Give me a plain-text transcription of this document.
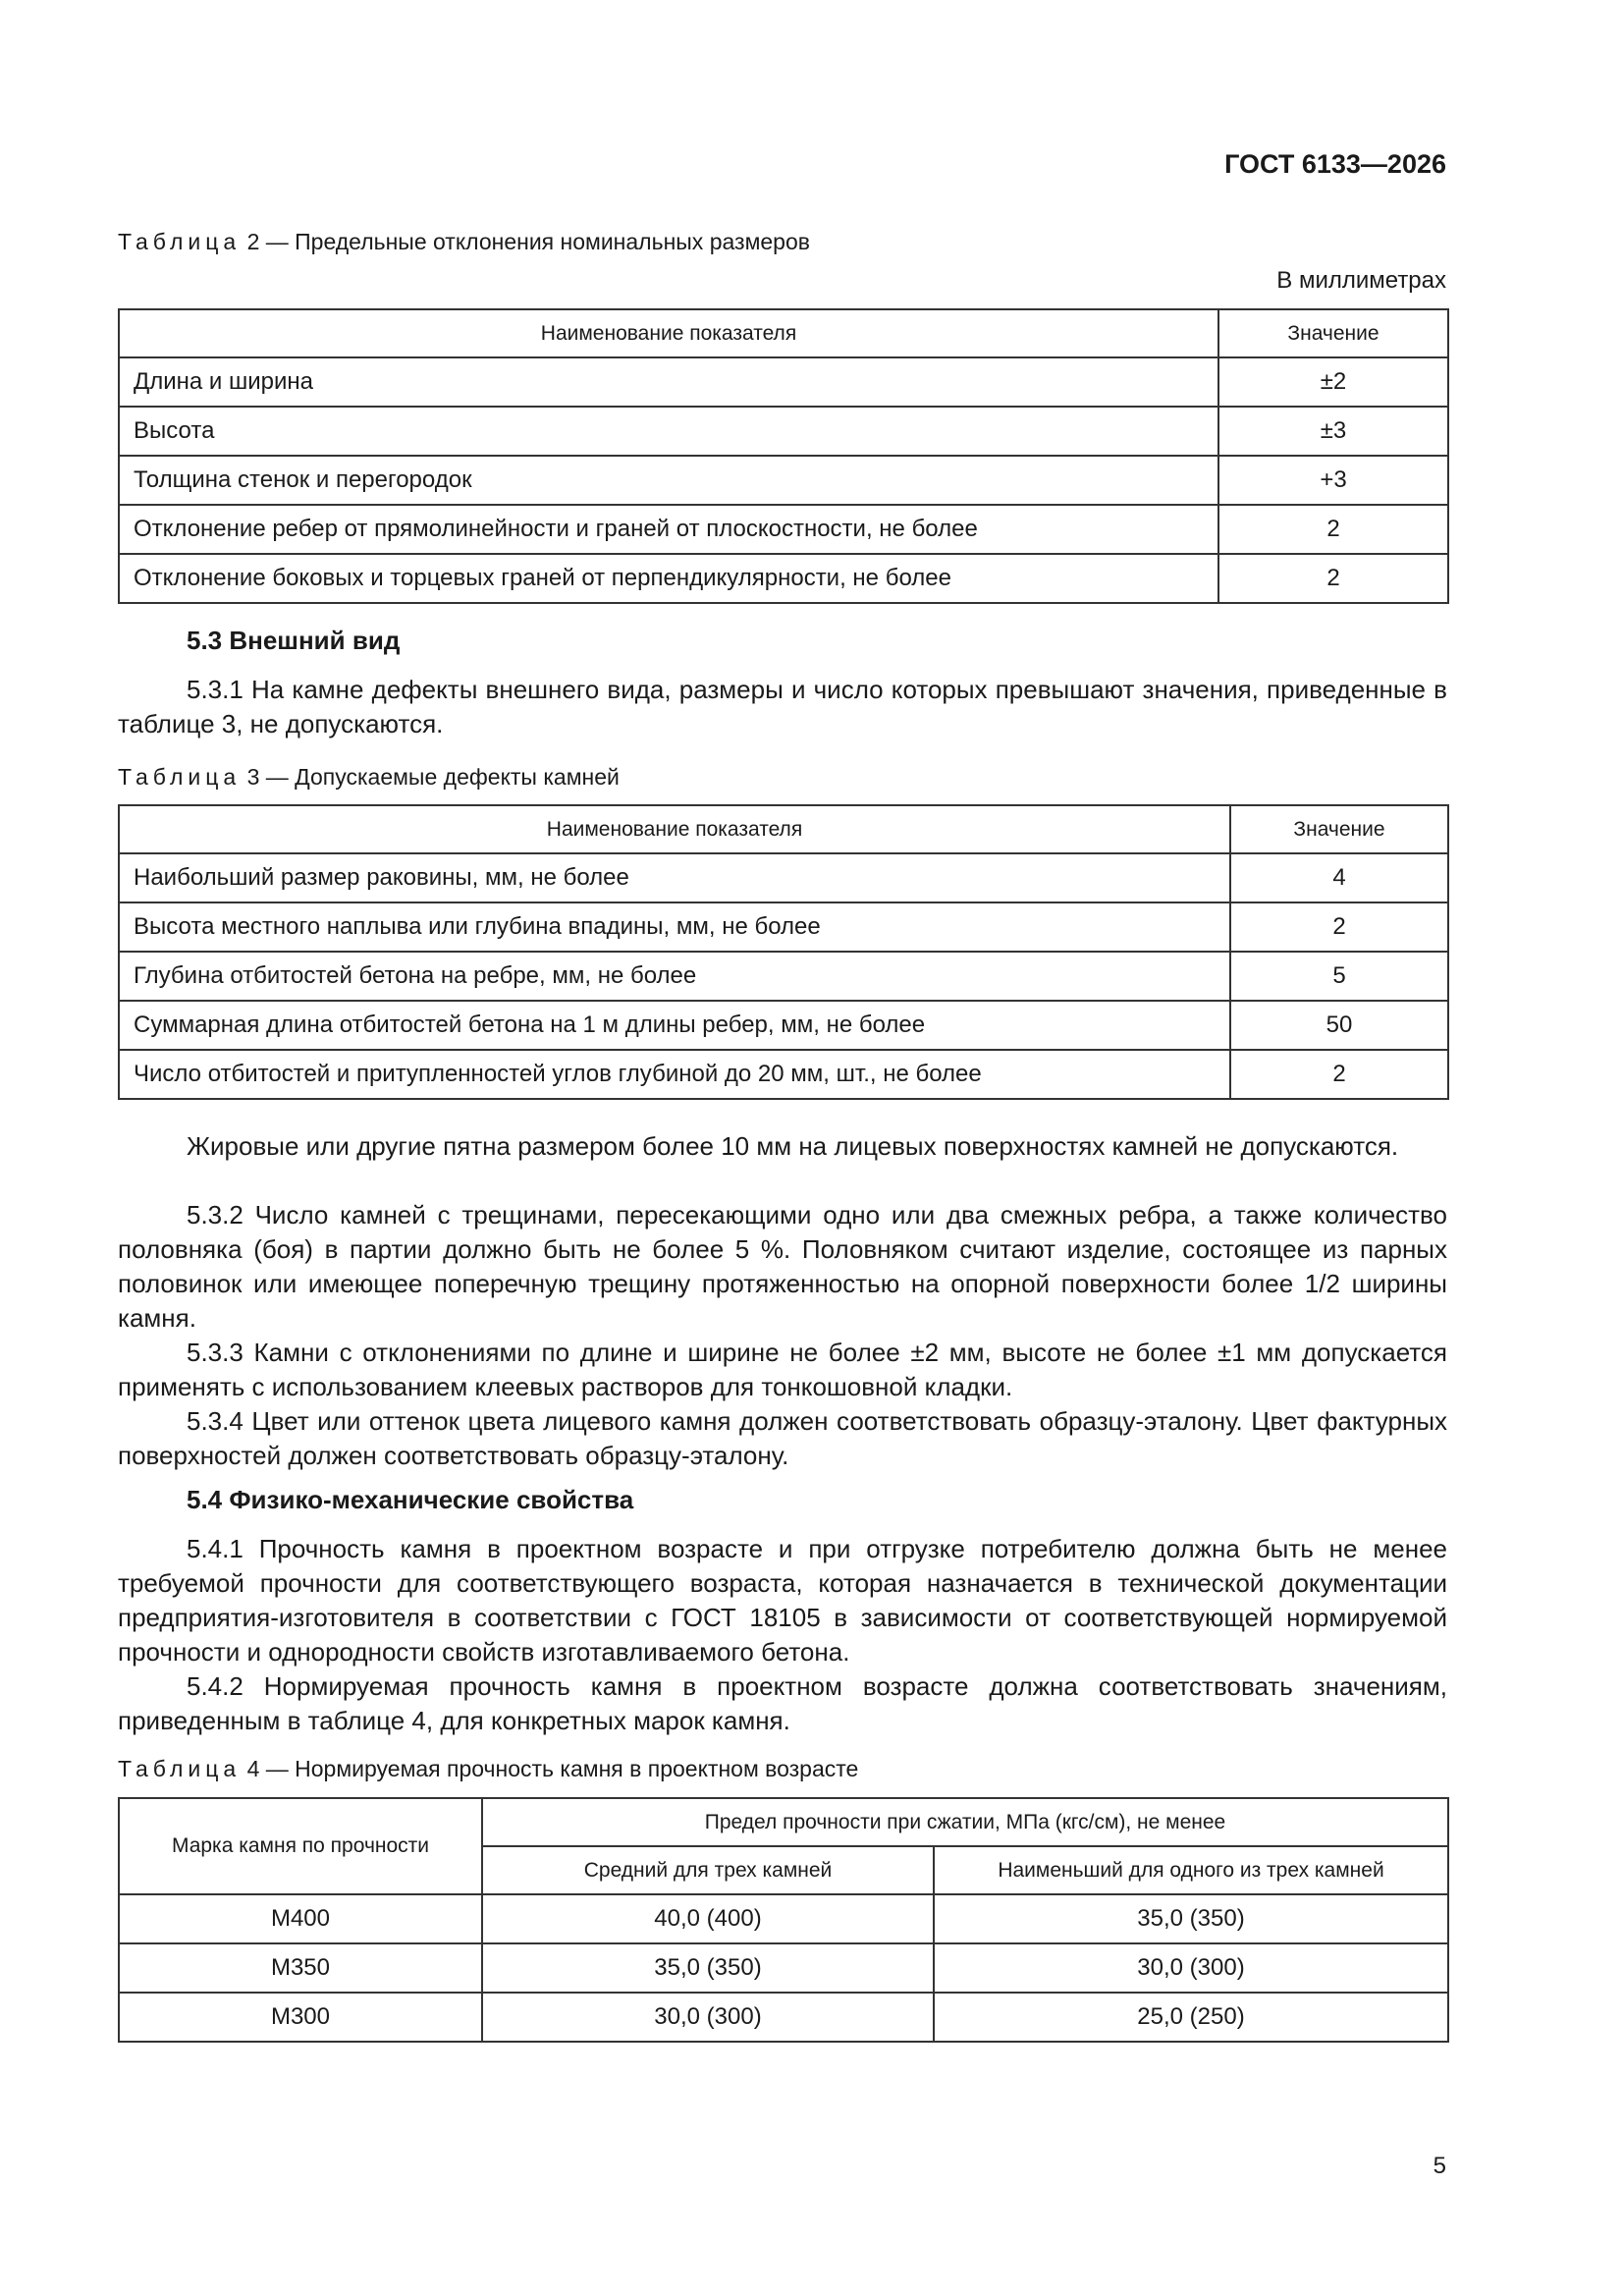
ГОСТ 6133—2026
Таблица 2 — Предельные отклонения номинальных размеров
В миллиметрах
Наименование показателя	Значение
Длина и ширина	±2
Высота	±3
Толщина стенок и перегородок	+3
Отклонение ребер от прямолинейности и граней от плоскостности, не более	2
Отклонение боковых и торцевых граней от перпендикулярности, не более	2
5.3 Внешний вид

5.3.1 На камне дефекты внешнего вида, размеры и число которых превышают значения, приведенные в таблице 3, не допускаются.

Таблица 3 — Допускаемые дефекты камней
Наименование показателя	Значение
Наибольший размер раковины, мм, не более	4
Высота местного наплыва или глубина впадины, мм, не более	2
Глубина отбитостей бетона на ребре, мм, не более	5
Суммарная длина отбитостей бетона на 1 м длины ребер, мм, не более	50
Число отбитостей и притупленностей углов глубиной до 20 мм, шт., не более	2

Жировые или другие пятна размером более 10 мм на лицевых поверхностях камней не допускаются.

5.3.2 Число камней с трещинами, пересекающими одно или два смежных ребра, а также количество половняка (боя) в партии должно быть не более 5 %. Половняком считают изделие, состоящее из парных половинок или имеющее поперечную трещину протяженностью на опорной поверхности более 1/2 ширины камня.

5.3.3 Камни с отклонениями по длине и ширине не более ±2 мм, высоте не более ±1 мм допускается применять с использованием клеевых растворов для тонкошовной кладки.

5.3.4 Цвет или оттенок цвета лицевого камня должен соответствовать образцу-эталону. Цвет фактурных поверхностей должен соответствовать образцу-эталону.

5.4 Физико-механические свойства

5.4.1 Прочность камня в проектном возрасте и при отгрузке потребителю должна быть не менее требуемой прочности для соответствующего возраста, которая назначается в технической документации предприятия-изготовителя в соответствии с ГОСТ 18105 в зависимости от соответствующей нормируемой прочности и однородности свойств изготавливаемого бетона.

5.4.2 Нормируемая прочность камня в проектном возрасте должна соответствовать значениям, приведенным в таблице 4, для конкретных марок камня.

Таблица 4 — Нормируемая прочность камня в проектном возрасте
Марка камня по прочности	Предел прочности при сжатии, МПа (кгс/см), не менее	
	Средний для трех камней	Наименьший для одного из трех камней
М400	40,0 (400)	35,0 (350)
М350	35,0 (350)	30,0 (300)
М300	30,0 (300)	25,0 (250)
5
